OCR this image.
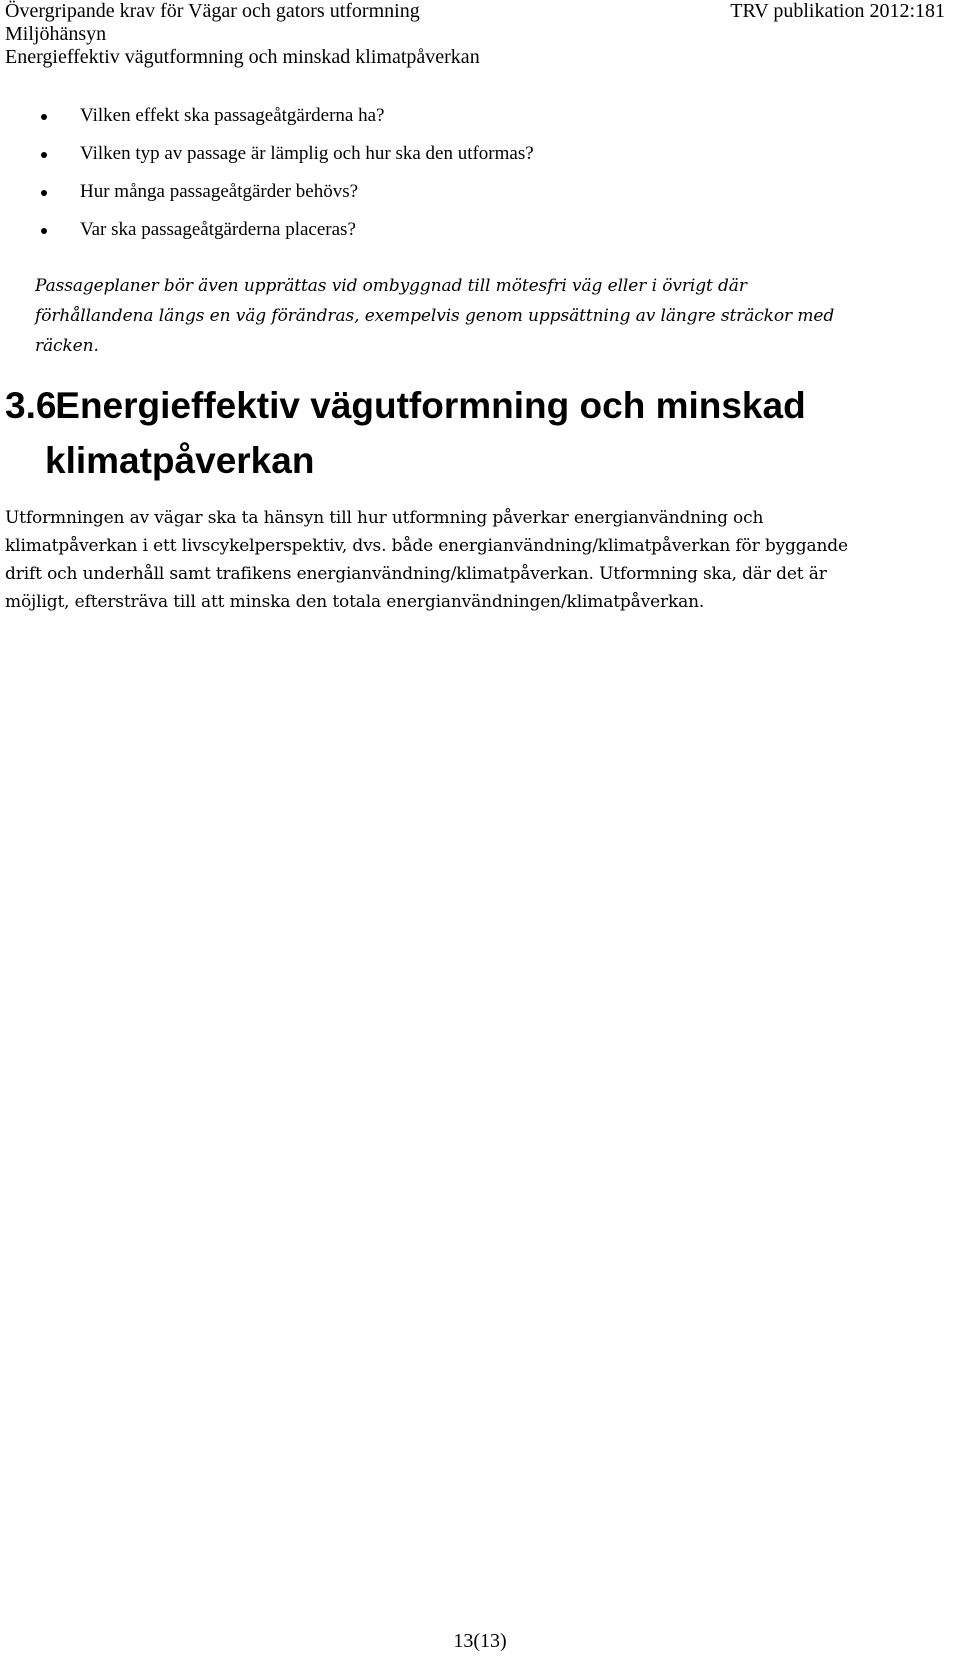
Övergripande krav för Vägar och gators utformning	TRV publikation 2012:181
Miljöhänsyn
Energieffektiv vägutformning och minskad klimatpåverkan
Vilken effekt ska passageåtgärderna ha?
Vilken typ av passage är lämplig och hur ska den utformas?
Hur många passageåtgärder behövs?
Var ska passageåtgärderna placeras?

Passageplaner bör även upprättas vid ombyggnad till mötesfri väg eller i övrigt där
förhållandena längs en väg förändras, exempelvis genom uppsättning av längre sträckor med
räcken.

3.6 Energieffektiv vägutformning och minskad
klimatpåverkan

Utformningen av vägar ska ta hänsyn till hur utformning påverkar energianvändning och
klimatpåverkan i ett livscykelperspektiv, dvs. både energianvändning/klimatpåverkan för byggande
drift och underhåll samt trafikens energianvändning/klimatpåverkan. Utformning ska, där det är
möjligt, eftersträva till att minska den totala energianvändningen/klimatpåverkan.

13(13)
